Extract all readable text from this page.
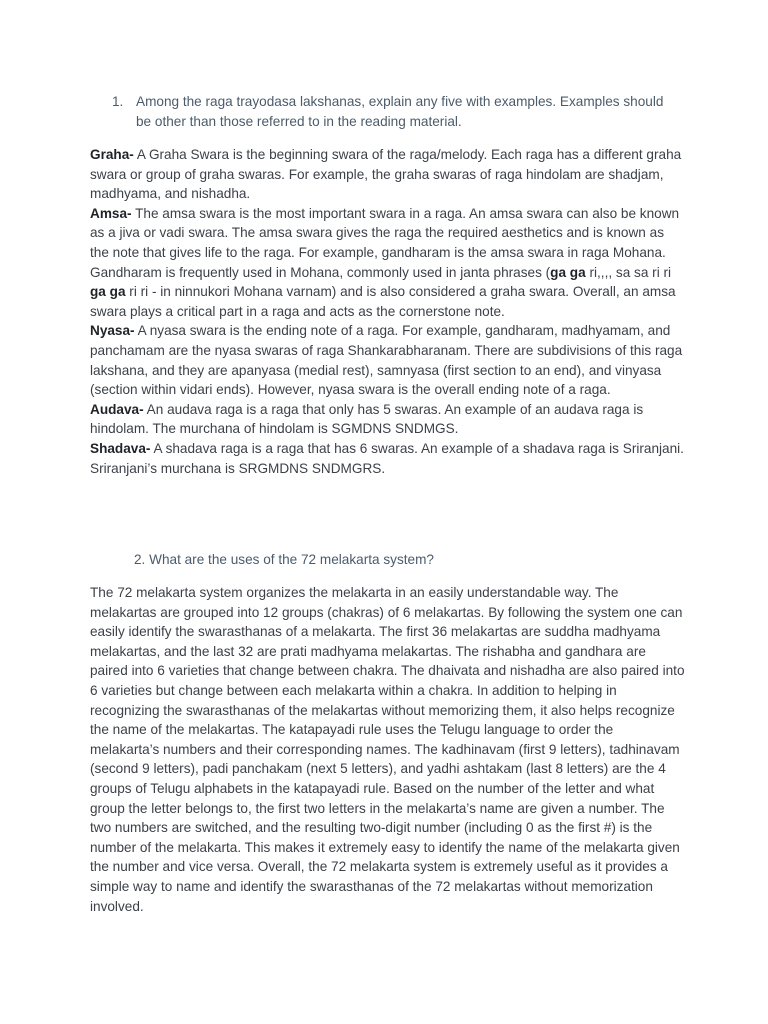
1. Among the raga trayodasa lakshanas, explain any five with examples. Examples should be other than those referred to in the reading material.

Graha- A Graha Swara is the beginning swara of the raga/melody. Each raga has a different graha swara or group of graha swaras. For example, the graha swaras of raga hindolam are shadjam, madhyama, and nishadha.

Amsa- The amsa swara is the most important swara in a raga. An amsa swara can also be known as a jiva or vadi swara. The amsa swara gives the raga the required aesthetics and is known as the note that gives life to the raga. For example, gandharam is the amsa swara in raga Mohana. Gandharam is frequently used in Mohana, commonly used in janta phrases (ga ga ri,,,, sa sa ri ri ga ga ri ri - in ninnukori Mohana varnam) and is also considered a graha swara. Overall, an amsa swara plays a critical part in a raga and acts as the cornerstone note.

Nyasa- A nyasa swara is the ending note of a raga. For example, gandharam, madhyamam, and panchamam are the nyasa swaras of raga Shankarabharanam. There are subdivisions of this raga lakshana, and they are apanyasa (medial rest), samnyasa (first section to an end), and vinyasa (section within vidari ends). However, nyasa swara is the overall ending note of a raga.

Audava- An audava raga is a raga that only has 5 swaras. An example of an audava raga is hindolam. The murchana of hindolam is SGMDNS SNDMGS.

Shadava- A shadava raga is a raga that has 6 swaras. An example of a shadava raga is Sriranjani. Sriranjani’s murchana is SRGMDNS SNDMGRS.

2. What are the uses of the 72 melakarta system?

The 72 melakarta system organizes the melakarta in an easily understandable way. The melakartas are grouped into 12 groups (chakras) of 6 melakartas. By following the system one can easily identify the swarasthanas of a melakarta. The first 36 melakartas are suddha madhyama melakartas, and the last 32 are prati madhyama melakartas. The rishabha and gandhara are paired into 6 varieties that change between chakra. The dhaivata and nishadha are also paired into 6 varieties but change between each melakarta within a chakra. In addition to helping in recognizing the swarasthanas of the melakartas without memorizing them, it also helps recognize the name of the melakartas. The katapayadi rule uses the Telugu language to order the melakarta’s numbers and their corresponding names. The kadhinavam (first 9 letters), tadhinavam (second 9 letters), padi panchakam (next 5 letters), and yadhi ashtakam (last 8 letters) are the 4 groups of Telugu alphabets in the katapayadi rule. Based on the number of the letter and what group the letter belongs to, the first two letters in the melakarta’s name are given a number. The two numbers are switched, and the resulting two-digit number (including 0 as the first #) is the number of the melakarta. This makes it extremely easy to identify the name of the melakarta given the number and vice versa. Overall, the 72 melakarta system is extremely useful as it provides a simple way to name and identify the swarasthanas of the 72 melakartas without memorization involved.
